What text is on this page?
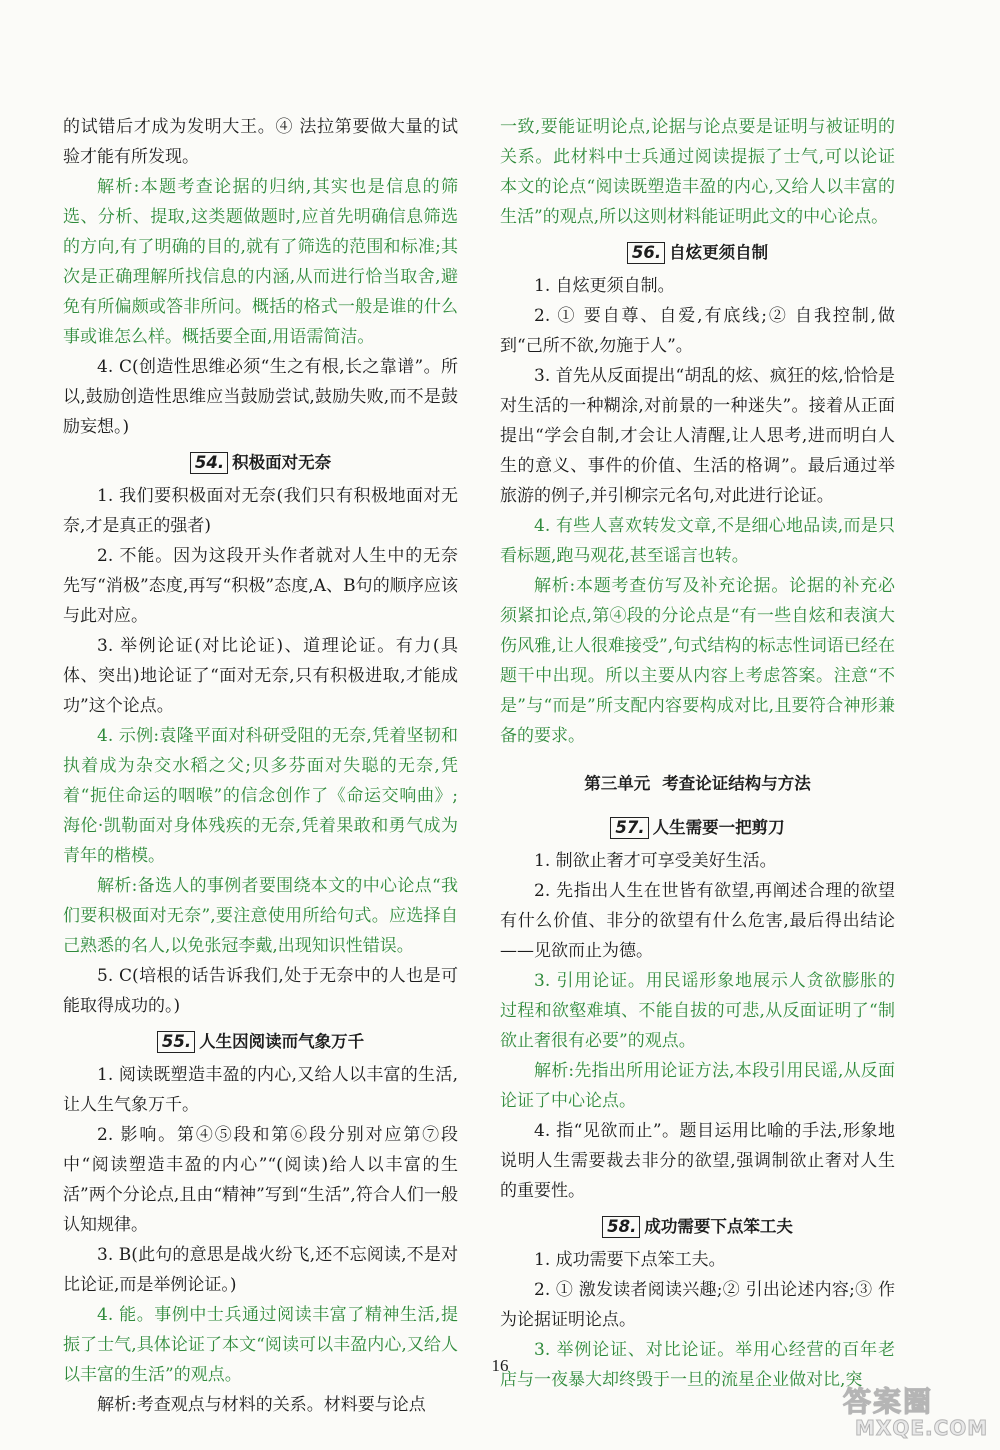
的试错后才成为发明大王。④ 法拉第要做大量的试验才能有所发现。

解析:本题考查论据的归纳,其实也是信息的筛选、分析、提取,这类题做题时,应首先明确信息筛选的方向,有了明确的目的,就有了筛选的范围和标准;其次是正确理解所找信息的内涵,从而进行恰当取舍,避免有所偏颇或答非所问。概括的格式一般是谁的什么事或谁怎么样。概括要全面,用语需简洁。

4. C(创造性思维必须“生之有根,长之靠谱”。所以,鼓励创造性思维应当鼓励尝试,鼓励失败,而不是鼓励妄想。)

54. 积极面对无奈

1. 我们要积极面对无奈(我们只有积极地面对无奈,才是真正的强者)

2. 不能。因为这段开头作者就对人生中的无奈先写“消极”态度,再写“积极”态度,A、B句的顺序应该与此对应。

3. 举例论证(对比论证)、道理论证。有力(具体、突出)地论证了“面对无奈,只有积极进取,才能成功”这个论点。

4. 示例:袁隆平面对科研受阻的无奈,凭着坚韧和执着成为杂交水稻之父;贝多芬面对失聪的无奈,凭着“扼住命运的咽喉”的信念创作了《命运交响曲》;海伦·凯勒面对身体残疾的无奈,凭着果敢和勇气成为青年的楷模。

解析:备选人的事例者要围绕本文的中心论点“我们要积极面对无奈”,要注意使用所给句式。应选择自己熟悉的名人,以免张冠李戴,出现知识性错误。

5. C(培根的话告诉我们,处于无奈中的人也是可能取得成功的。)

55. 人生因阅读而气象万千

1. 阅读既塑造丰盈的内心,又给人以丰富的生活,让人生气象万千。

2. 影响。第④⑤段和第⑥段分别对应第⑦段中“阅读塑造丰盈的内心”“(阅读)给人以丰富的生活”两个分论点,且由“精神”写到“生活”,符合人们一般认知规律。

3. B(此句的意思是战火纷飞,还不忘阅读,不是对比论证,而是举例论证。)

4. 能。事例中士兵通过阅读丰富了精神生活,提振了士气,具体论证了本文“阅读可以丰盈内心,又给人以丰富的生活”的观点。

解析:考查观点与材料的关系。材料要与论点

一致,要能证明论点,论据与论点要是证明与被证明的关系。此材料中士兵通过阅读提振了士气,可以论证本文的论点“阅读既塑造丰盈的内心,又给人以丰富的生活”的观点,所以这则材料能证明此文的中心论点。

56. 自炫更须自制

1. 自炫更须自制。

2. ① 要自尊、自爱,有底线;② 自我控制,做到“己所不欲,勿施于人”。

3. 首先从反面提出“胡乱的炫、疯狂的炫,恰恰是对生活的一种糊涂,对前景的一种迷失”。接着从正面提出“学会自制,才会让人清醒,让人思考,进而明白人生的意义、事件的价值、生活的格调”。最后通过举旅游的例子,并引柳宗元名句,对此进行论证。

4. 有些人喜欢转发文章,不是细心地品读,而是只看标题,跑马观花,甚至谣言也转。

解析:本题考查仿写及补充论据。论据的补充必须紧扣论点,第④段的分论点是“有一些自炫和表演大伤风雅,让人很难接受”,句式结构的标志性词语已经在题干中出现。所以主要从内容上考虑答案。注意“不是”与“而是”所支配内容要构成对比,且要符合神形兼备的要求。

第三单元 考查论证结构与方法
57. 人生需要一把剪刀

1. 制欲止奢才可享受美好生活。

2. 先指出人生在世皆有欲望,再阐述合理的欲望有什么价值、非分的欲望有什么危害,最后得出结论——见欲而止为德。

3. 引用论证。用民谣形象地展示人贪欲膨胀的过程和欲壑难填、不能自拔的可悲,从反面证明了“制欲止奢很有必要”的观点。

解析:先指出所用论证方法,本段引用民谣,从反面论证了中心论点。

4. 指“见欲而止”。题目运用比喻的手法,形象地说明人生需要裁去非分的欲望,强调制欲止奢对人生的重要性。

58. 成功需要下点笨工夫

1. 成功需要下点笨工夫。

2. ① 激发读者阅读兴趣;② 引出论述内容;③ 作为论据证明论点。

3. 举例论证、对比论证。举用心经营的百年老店与一夜暴大却终毁于一旦的流星企业做对比,突

16
答案圈
MXQE.COM
